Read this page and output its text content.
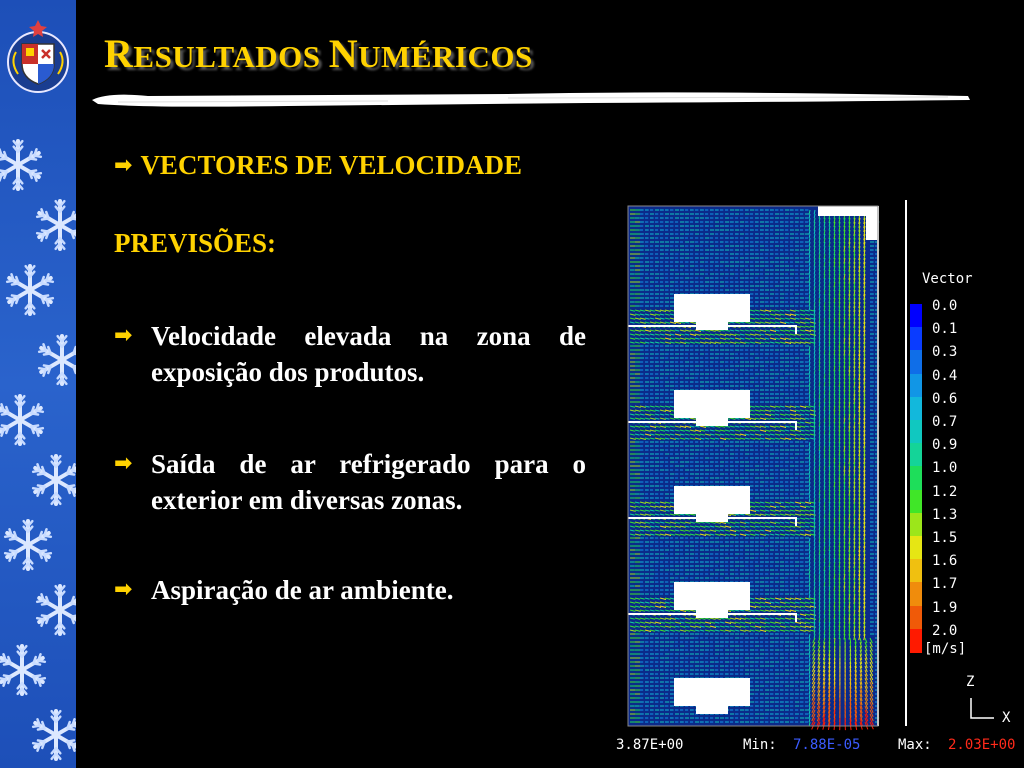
RESULTADOS NUMÉRICOS
➡ VECTORES DE VELOCIDADE
PREVISÕES:
➡ Velocidade elevada na zona de exposição dos produtos.
➡ Saída de ar refrigerado para o exterior em diversas zonas.
➡ Aspiração de ar ambiente.
Vector
0.0
0.1
0.3
0.4
0.6
0.7
0.9
1.0
1.2
1.3
1.5
1.6
1.7
1.9
2.0
[m/s]
Z
X
3.87E+00	Min: 7.88E-05	Max: 2.03E+00
